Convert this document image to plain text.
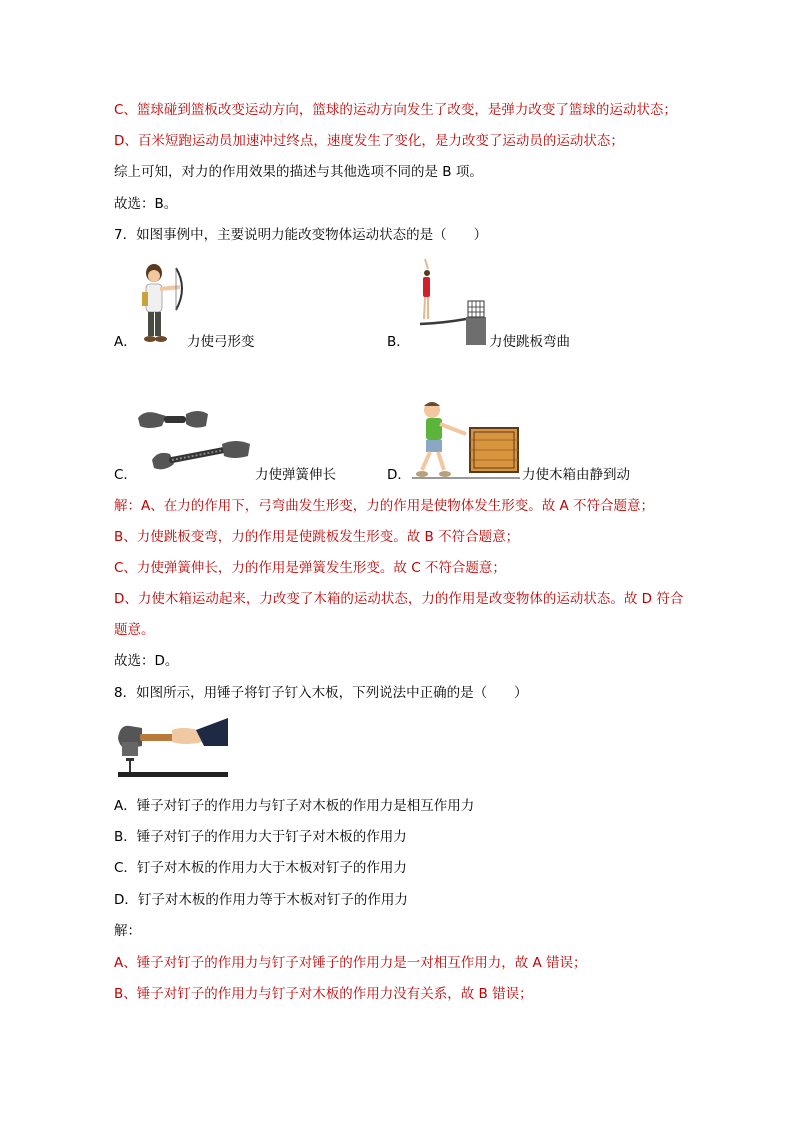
C、篮球碰到篮板改变运动方向，篮球的运动方向发生了改变，是弹力改变了篮球的运动状态；
D、百米短跑运动员加速冲过终点，速度发生了变化，是力改变了运动员的运动状态；
综上可知，对力的作用效果的描述与其他选项不同的是 B 项。
故选：B。
7．如图事例中，主要说明力能改变物体运动状态的是（　　）
A．	力使弓形变	B．	力使跳板弯曲
C．	力使弹簧伸长	D．	力使木箱由静到动
解：A、在力的作用下，弓弯曲发生形变，力的作用是使物体发生形变。故 A 不符合题意；
B、力使跳板变弯，力的作用是使跳板发生形变。故 B 不符合题意；
C、力使弹簧伸长，力的作用是弹簧发生形变。故 C 不符合题意；
D、力使木箱运动起来，力改变了木箱的运动状态，力的作用是改变物体的运动状态。故 D 符合
题意。
故选：D。
8．如图所示，用锤子将钉子钉入木板，下列说法中正确的是（　　）
A．锤子对钉子的作用力与钉子对木板的作用力是相互作用力
B．锤子对钉子的作用力大于钉子对木板的作用力
C．钉子对木板的作用力大于木板对钉子的作用力
D．钉子对木板的作用力等于木板对钉子的作用力
解：
A、锤子对钉子的作用力与钉子对锤子的作用力是一对相互作用力，故 A 错误；
B、锤子对钉子的作用力与钉子对木板的作用力没有关系，故 B 错误；
